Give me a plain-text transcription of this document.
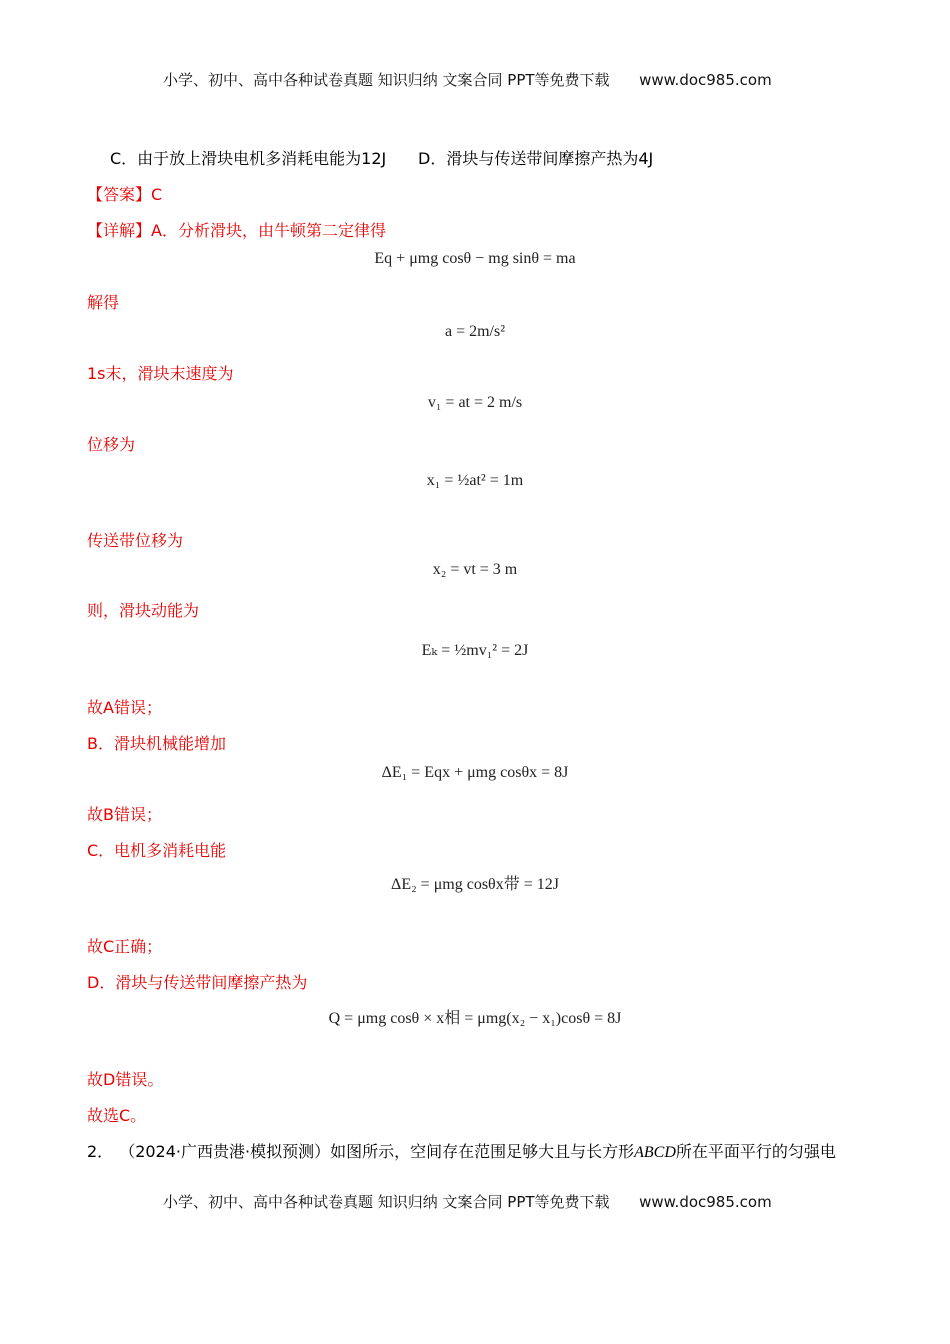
小学、初中、高中各种试卷真题 知识归纳 文案合同 PPT等免费下载 www.doc985.com
C．由于放上滑块电机多消耗电能为12J D．滑块与传送带间摩擦产热为4J
【答案】C
【详解】A．分析滑块，由牛顿第二定律得
Eq + μmg cosθ − mg sinθ = ma
解得
a = 2m/s²
1s末，滑块末速度为
v₁ = at = 2 m/s
位移为
x₁ = ½at² = 1m
传送带位移为
x₂ = vt = 3 m
则，滑块动能为
Eₖ = ½mv₁² = 2J
故A错误；
B．滑块机械能增加
ΔE₁ = Eqx + μmg cosθx = 8J
故B错误；
C．电机多消耗电能
ΔE₂ = μmg cosθx带 = 12J
故C正确；
D．滑块与传送带间摩擦产热为
Q = μmg cosθ × x相 = μmg(x₂ − x₁)cosθ = 8J
故D错误。
故选C。
2． （2024·广西贵港·模拟预测）如图所示，空间存在范围足够大且与长方形ABCD所在平面平行的匀强电
小学、初中、高中各种试卷真题 知识归纳 文案合同 PPT等免费下载 www.doc985.com
